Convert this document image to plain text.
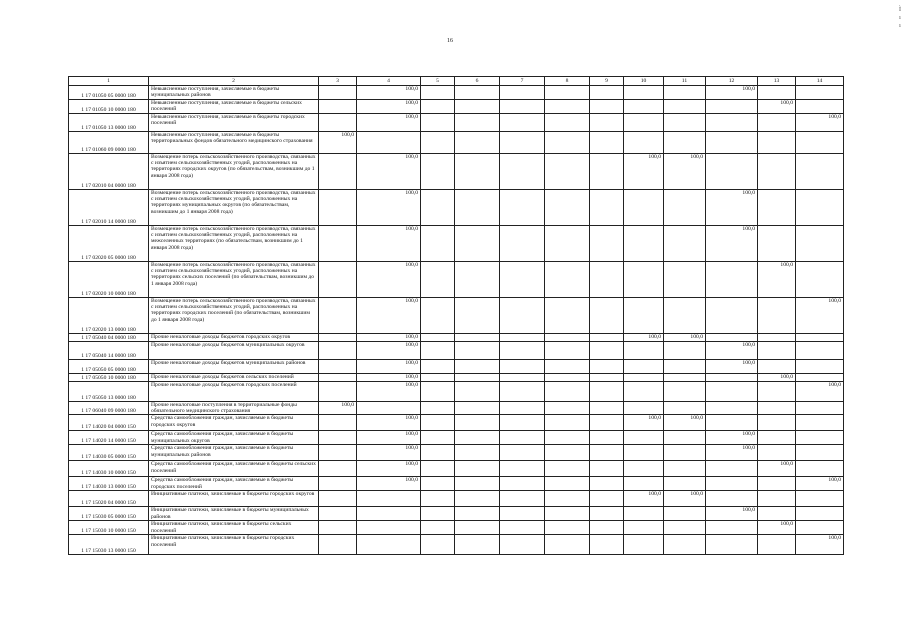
16
Ì
ı
ı
1	2	3	4	5	6	7	8	9	10	11	12	13	14
1 17 01050 05 0000 180	Невыясненные поступления, зачисляемые в бюджеты муниципальных районов		100,0								100,0		
1 17 01050 10 0000 180	Невыясненные поступления, зачисляемые в бюджеты сельских поселений		100,0									100,0	
1 17 01050 13 0000 180	Невыясненные поступления, зачисляемые в бюджеты городских поселений		100,0										100,0
1 17 01060 09 0000 180	Невыясненные поступления, зачисляемые в бюджеты территориальных фондов обязательного медицинского страхования	100,0											
1 17 02010 04 0000 180	Возмещение потерь сельскохозяйственного производства, связанных с изъятием сельскохозяйственных угодий, расположенных на территориях городских округов (по обязательствам, возникшим до 1 января 2008 года)		100,0						100,0	100,0			
1 17 02010 14 0000 180	Возмещение потерь сельскохозяйственного производства, связанных с изъятием сельскохозяйственных угодий, расположенных на территориях муниципальных округов (по обязательствам, возникшим до 1 января 2008 года)		100,0								100,0		
1 17 02020 05 0000 180	Возмещение потерь сельскохозяйственного производства, связанных с изъятием сельскохозяйственных угодий, расположенных на межселенных территориях (по обязательствам, возникшим до 1 января 2008 года)		100,0								100,0		
1 17 02020 10 0000 180	Возмещение потерь сельскохозяйственного производства, связанных с изъятием сельскохозяйственных угодий, расположенных на территориях сельских поселений (по обязательствам, возникшим до 1 января 2008 года)		100,0									100,0	
1 17 02020 13 0000 180	Возмещение потерь сельскохозяйственного производства, связанных с изъятием сельскохозяйственных угодий, расположенных на территориях городских поселений (по обязательствам, возникшим до 1 января 2008 года)		100,0										100,0
1 17 05040 04 0000 180	Прочие неналоговые доходы бюджетов городских округов		100,0						100,0	100,0			
1 17 05040 14 0000 180	Прочие неналоговые доходы бюджетов муниципальных округов		100,0								100,0		
1 17 05050 05 0000 180	Прочие неналоговые доходы бюджетов муниципальных районов		100,0								100,0		
1 17 05050 10 0000 180	Прочие неналоговые доходы бюджетов сельских поселений		100,0									100,0	
1 17 05050 13 0000 180	Прочие неналоговые доходы бюджетов городских поселений		100,0										100,0
1 17 06040 09 0000 180	Прочие неналоговые поступления в территориальные фонды обязательного медицинского страхования	100,0											
1 17 14020 04 0000 150	Средства самообложения граждан, зачисляемые в бюджеты городских округов		100,0						100,0	100,0			
1 17 14020 14 0000 150	Средства самообложения граждан, зачисляемые в бюджеты муниципальных округов		100,0								100,0		
1 17 14030 05 0000 150	Средства самообложения граждан, зачисляемые в бюджеты муниципальных районов		100,0								100,0		
1 17 14030 10 0000 150	Средства самообложения граждан, зачисляемые в бюджеты сельских поселений		100,0									100,0	
1 17 14030 13 0000 150	Средства самообложения граждан, зачисляемые в бюджеты городских поселений		100,0										100,0
1 17 15020 04 0000 150	Инициативные платежи, зачисляемые в бюджеты городских округов								100,0	100,0			
1 17 15030 05 0000 150	Инициативные платежи, зачисляемые в бюджеты муниципальных районов										100,0		
1 17 15030 10 0000 150	Инициативные платежи, зачисляемые в бюджеты сельских поселений											100,0	
1 17 15030 13 0000 150	Инициативные платежи, зачисляемые в бюджеты городских поселений												100,0
